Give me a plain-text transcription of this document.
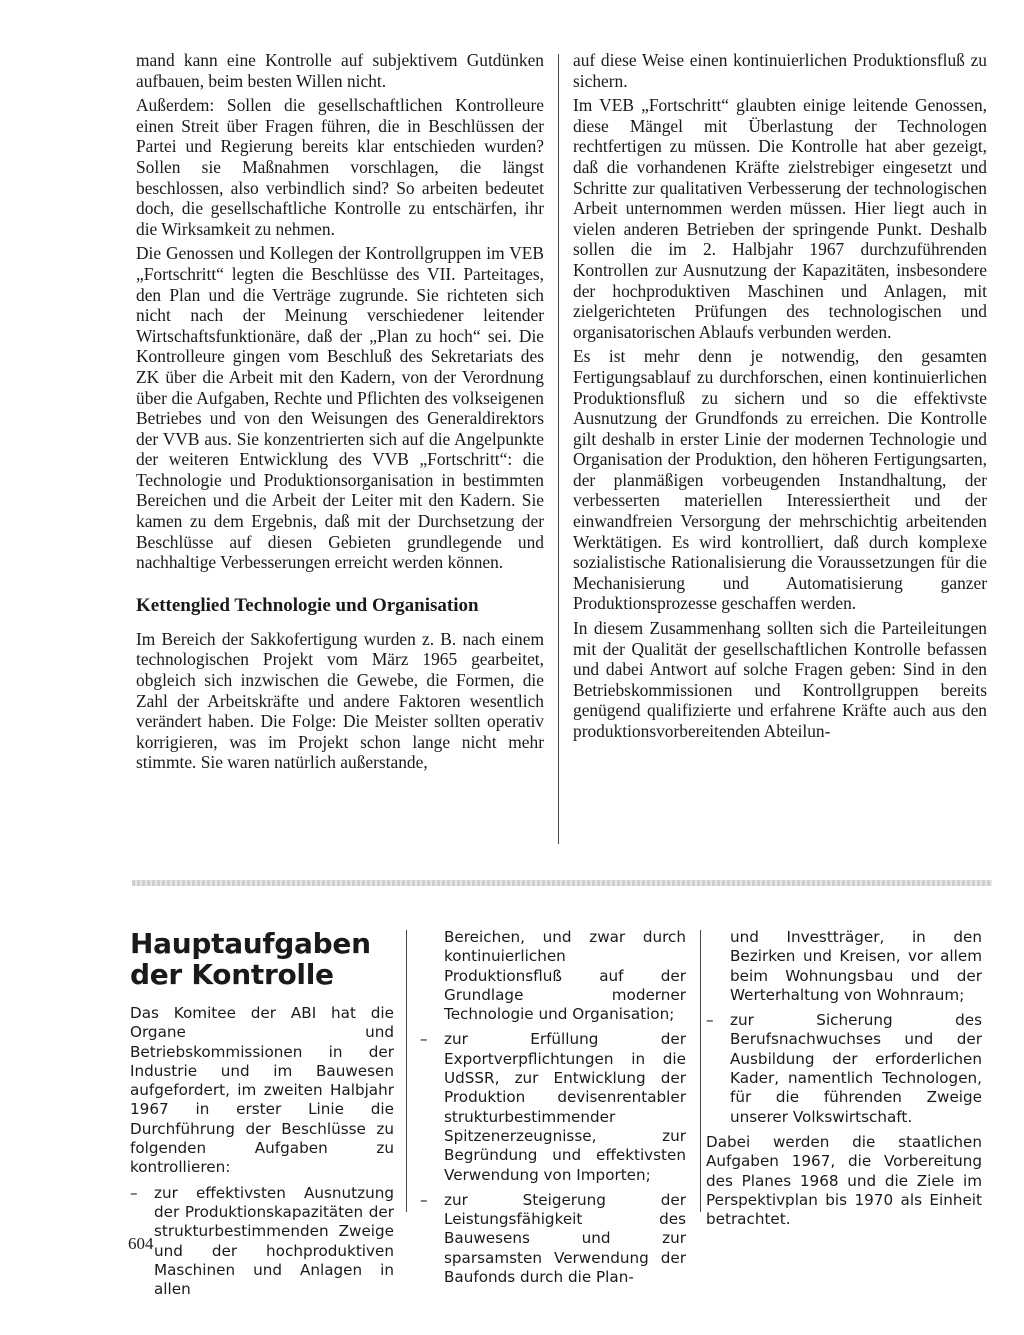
mand kann eine Kontrolle auf subjektivem Gutdünken aufbauen, beim besten Willen nicht.

Außerdem: Sollen die gesellschaftlichen Kontrolleure einen Streit über Fragen führen, die in Beschlüssen der Partei und Regierung bereits klar entschieden wurden? Sollen sie Maßnahmen vorschlagen, die längst beschlossen, also verbindlich sind? So arbeiten bedeutet doch, die gesellschaftliche Kontrolle zu entschärfen, ihr die Wirksamkeit zu nehmen.

Die Genossen und Kollegen der Kontrollgruppen im VEB „Fortschritt“ legten die Beschlüsse des VII. Parteitages, den Plan und die Verträge zugrunde. Sie richteten sich nicht nach der Meinung verschiedener leitender Wirtschaftsfunktionäre, daß der „Plan zu hoch“ sei. Die Kontrolleure gingen vom Beschluß des Sekretariats des ZK über die Arbeit mit den Kadern, von der Verordnung über die Aufgaben, Rechte und Pflichten des volkseigenen Betriebes und von den Weisungen des Generaldirektors der VVB aus. Sie konzentrierten sich auf die Angelpunkte der weiteren Entwicklung des VVB „Fortschritt“: die Technologie und Produktionsorganisation in bestimmten Bereichen und die Arbeit der Leiter mit den Kadern. Sie kamen zu dem Ergebnis, daß mit der Durchsetzung der Beschlüsse auf diesen Gebieten grundlegende und nachhaltige Verbesserungen erreicht werden können.

Kettenglied Technologie und Organisation

Im Bereich der Sakkofertigung wurden z. B. nach einem technologischen Projekt vom März 1965 gearbeitet, obgleich sich inzwischen die Gewebe, die Formen, die Zahl der Arbeitskräfte und andere Faktoren wesentlich verändert haben. Die Folge: Die Meister sollten operativ korrigieren, was im Projekt schon lange nicht mehr stimmte. Sie waren natürlich außerstande,

auf diese Weise einen kontinuierlichen Produktionsfluß zu sichern.

Im VEB „Fortschritt“ glaubten einige leitende Genossen, diese Mängel mit Überlastung der Technologen rechtfertigen zu müssen. Die Kontrolle hat aber gezeigt, daß die vorhandenen Kräfte zielstrebiger eingesetzt und Schritte zur qualitativen Verbesserung der technologischen Arbeit unternommen werden müssen. Hier liegt auch in vielen anderen Betrieben der springende Punkt. Deshalb sollen die im 2. Halbjahr 1967 durchzuführenden Kontrollen zur Ausnutzung der Kapazitäten, insbesondere der hochproduktiven Maschinen und Anlagen, mit zielgerichteten Prüfungen des technologischen und organisatorischen Ablaufs verbunden werden.

Es ist mehr denn je notwendig, den gesamten Fertigungsablauf zu durchforschen, einen kontinuierlichen Produktionsfluß zu sichern und so die effektivste Ausnutzung der Grundfonds zu erreichen. Die Kontrolle gilt deshalb in erster Linie der modernen Technologie und Organisation der Produktion, den höheren Fertigungsarten, der planmäßigen vorbeugenden Instandhaltung, der verbesserten materiellen Interessiertheit und der einwandfreien Versorgung der mehrschichtig arbeitenden Werktätigen. Es wird kontrolliert, daß durch komplexe sozialistische Rationalisierung die Voraussetzungen für die Mechanisierung und Automatisierung ganzer Produktionsprozesse geschaffen werden.

In diesem Zusammenhang sollten sich die Parteileitungen mit der Qualität der gesellschaftlichen Kontrolle befassen und dabei Antwort auf solche Fragen geben: Sind in den Betriebskommissionen und Kontrollgruppen bereits genügend qualifizierte und erfahrene Kräfte auch aus den produktionsvorbereitenden Abteilun-

Hauptaufgaben
der Kontrolle

Das Komitee der ABI hat die Organe und Betriebskommissionen in der Industrie und im Bauwesen aufgefordert, im zweiten Halbjahr 1967 in erster Linie die Durchführung der Beschlüsse zu folgenden Aufgaben zu kontrollieren:

–	zur effektivsten Ausnutzung der Produktionskapazitäten der strukturbestimmenden Zweige und der hochproduktiven Maschinen und Anlagen in allen
Bereichen, und zwar durch kontinuierlichen Produktionsfluß auf der Grundlage moderner Technologie und Organisation;
–	zur Erfüllung der Exportverpflichtungen in die UdSSR, zur Entwicklung der Produktion devisenrentabler strukturbestimmender Spitzenerzeugnisse, zur Begründung und effektivsten Verwendung von Importen;
–	zur Steigerung der Leistungsfähigkeit des Bauwesens und zur sparsamsten Verwendung der Baufonds durch die Plan-
und Investträger, in den Bezirken und Kreisen, vor allem beim Wohnungsbau und der Werterhaltung von Wohnraum;
–	zur Sicherung des Berufsnachwuchses und der Ausbildung der erforderlichen Kader, namentlich Technologen, für die führenden Zweige unserer Volkswirtschaft.

Dabei werden die staatlichen Aufgaben 1967, die Vorbereitung des Planes 1968 und die Ziele im Perspektivplan bis 1970 als Einheit betrachtet.

604
